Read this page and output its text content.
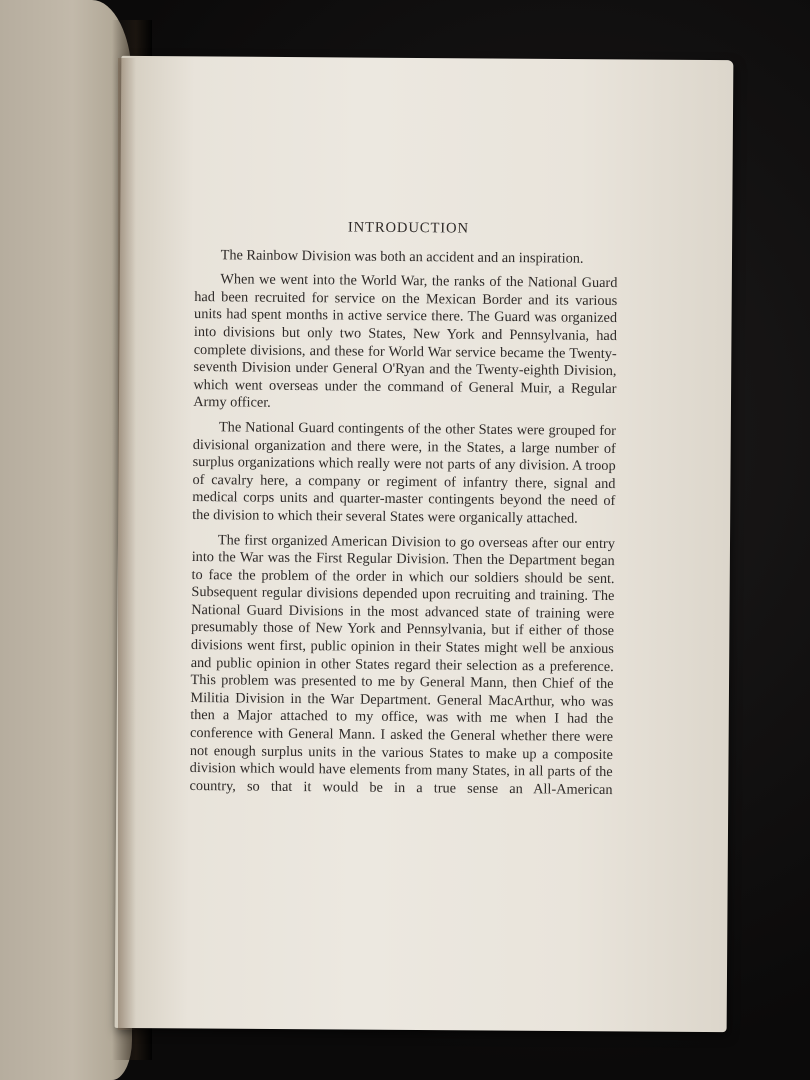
INTRODUCTION

The Rainbow Division was both an accident and an inspiration.

When we went into the World War, the ranks of the National Guard had been recruited for service on the Mexican Border and its various units had spent months in active service there. The Guard was organized into divisions but only two States, New York and Pennsylvania, had complete divisions, and these for World War service became the Twenty-seventh Division under General O'Ryan and the Twenty-eighth Division, which went overseas under the command of General Muir, a Regular Army officer.

The National Guard contingents of the other States were grouped for divisional organization and there were, in the States, a large number of surplus organizations which really were not parts of any division. A troop of cavalry here, a company or regiment of infantry there, signal and medical corps units and quarter-master contingents beyond the need of the division to which their several States were organically attached.

The first organized American Division to go overseas after our entry into the War was the First Regular Division. Then the Department began to face the problem of the order in which our soldiers should be sent. Subsequent regular divisions depended upon recruiting and training. The National Guard Divisions in the most advanced state of training were presumably those of New York and Pennsylvania, but if either of those divisions went first, public opinion in their States might well be anxious and public opinion in other States regard their selection as a preference. This problem was presented to me by General Mann, then Chief of the Militia Division in the War Department. General MacArthur, who was then a Major attached to my office, was with me when I had the conference with General Mann. I asked the General whether there were not enough surplus units in the various States to make up a composite division which would have elements from many States, in all parts of the country, so that it would be in a true sense an All-American
